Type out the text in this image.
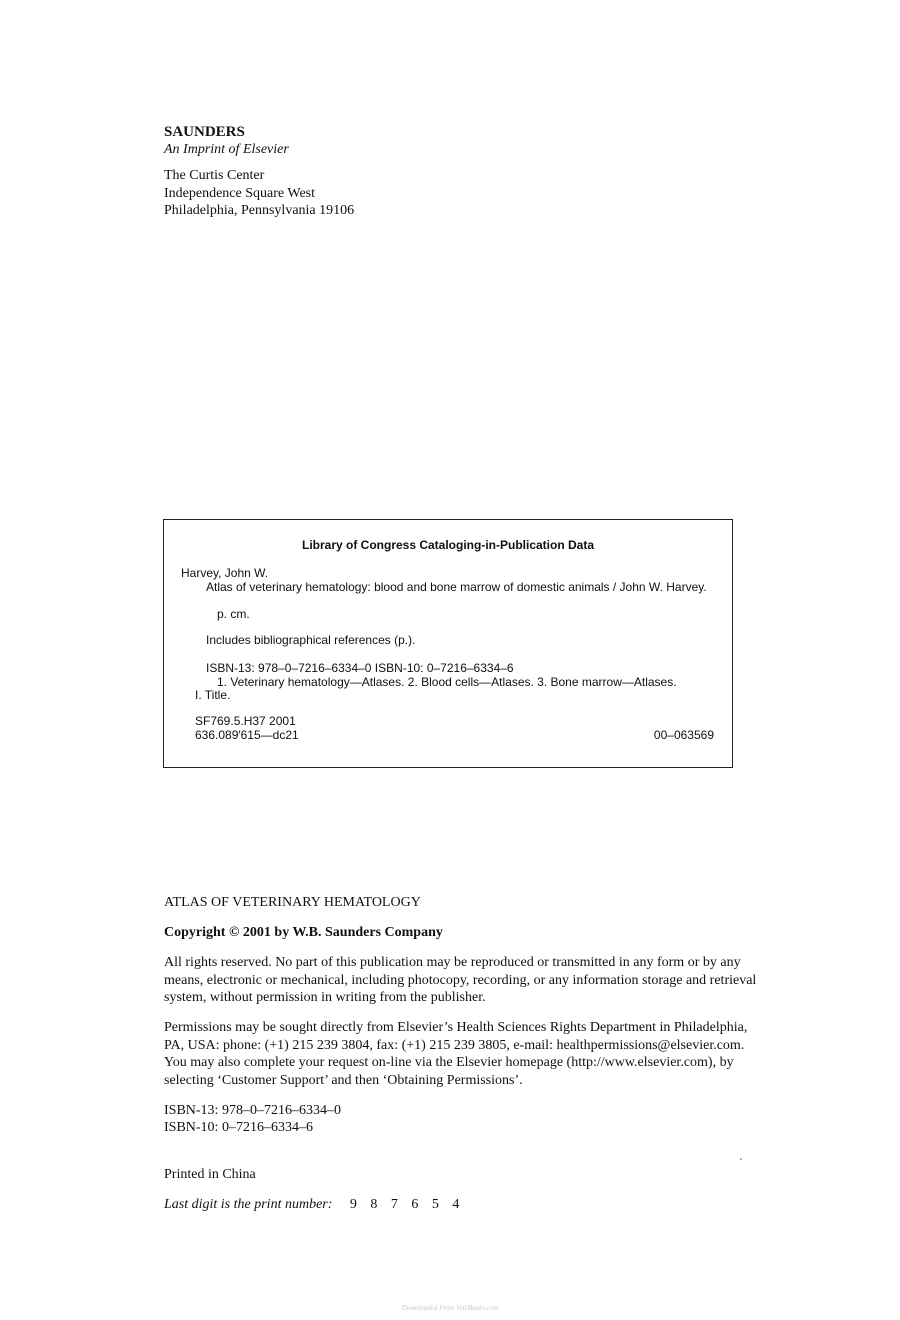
SAUNDERS
An Imprint of Elsevier
The Curtis Center
Independence Square West
Philadelphia, Pennsylvania 19106
Library of Congress Cataloging-in-Publication Data
Harvey, John W.
Atlas of veterinary hematology: blood and bone marrow of domestic animals / John W. Harvey.
p. cm.
Includes bibliographical references (p.).
ISBN-13: 978–0–7216–6334–0 ISBN-10: 0–7216–6334–6
1. Veterinary hematology—Atlases. 2. Blood cells—Atlases. 3. Bone marrow—Atlases.
I. Title.
SF769.5.H37 2001
636.089′615—dc21	00–063569
ATLAS OF VETERINARY HEMATOLOGY
Copyright © 2001 by W.B. Saunders Company
All rights reserved. No part of this publication may be reproduced or transmitted in any form or by any means, electronic or mechanical, including photocopy, recording, or any information storage and retrieval system, without permission in writing from the publisher.
Permissions may be sought directly from Elsevier’s Health Sciences Rights Department in Philadelphia, PA, USA: phone: (+1) 215 239 3804, fax: (+1) 215 239 3805, e-mail: healthpermissions@elsevier.com. You may also complete your request on-line via the Elsevier homepage (http://www.elsevier.com), by selecting ‘Customer Support’ and then ‘Obtaining Permissions’.
ISBN-13: 978–0–7216–6334–0
ISBN-10: 0–7216–6334–6
Printed in China
Last digit is the print number: 9 8 7 6 5 4
Downloaded From VeteBooks.com
